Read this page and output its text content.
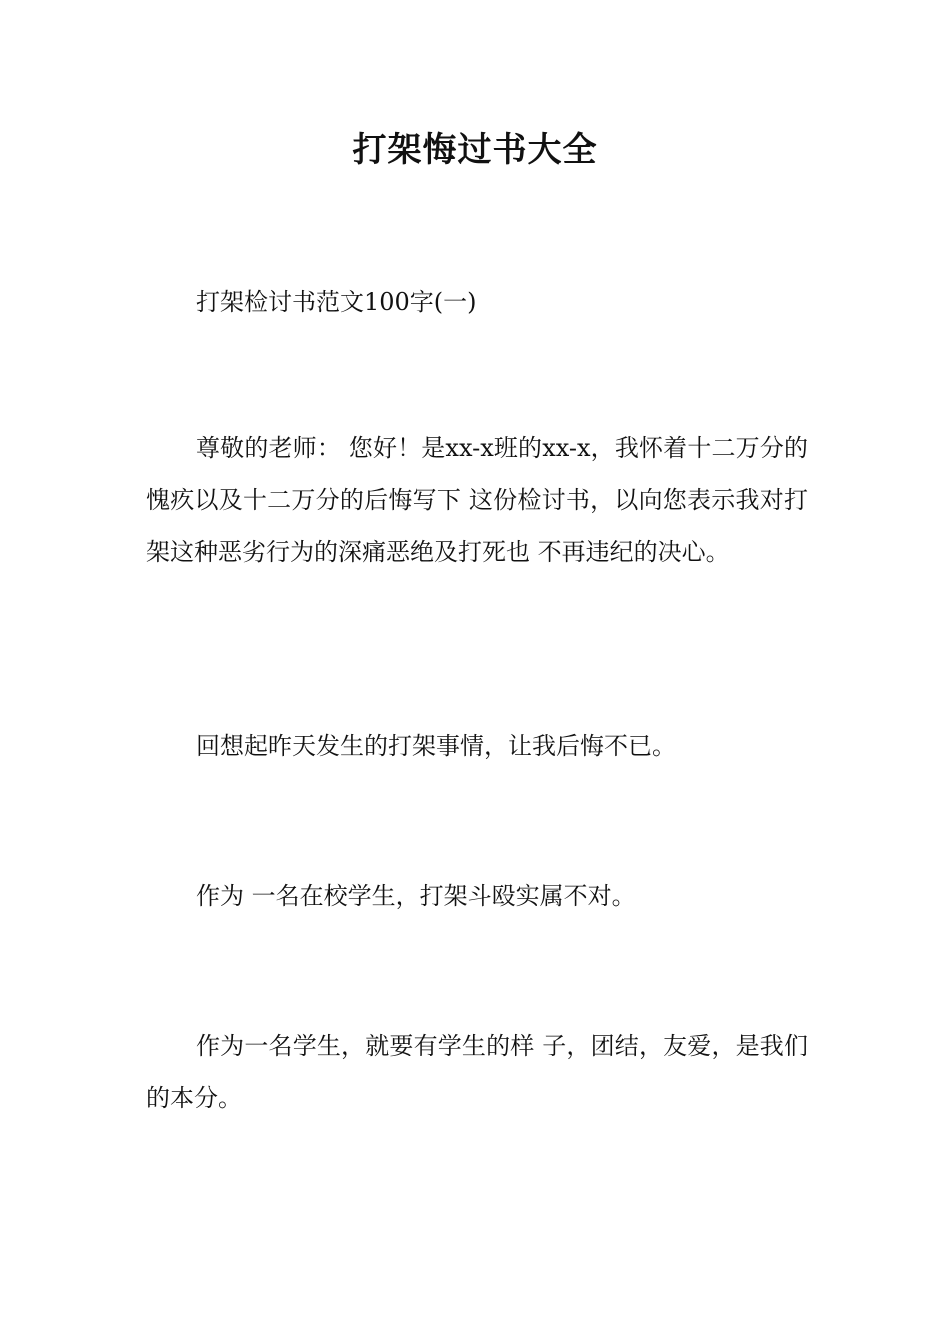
打架悔过书大全

打架检讨书范文100字(一)

尊敬的老师： 您好！是xx-x班的xx-x，我怀着十二万分的愧疚以及十二万分的后悔写下 这份检讨书，以向您表示我对打架这种恶劣行为的深痛恶绝及打死也 不再违纪的决心。

回想起昨天发生的打架事情，让我后悔不已。

作为 一名在校学生，打架斗殴实属不对。

作为一名学生，就要有学生的样 子，团结，友爱，是我们的本分。
